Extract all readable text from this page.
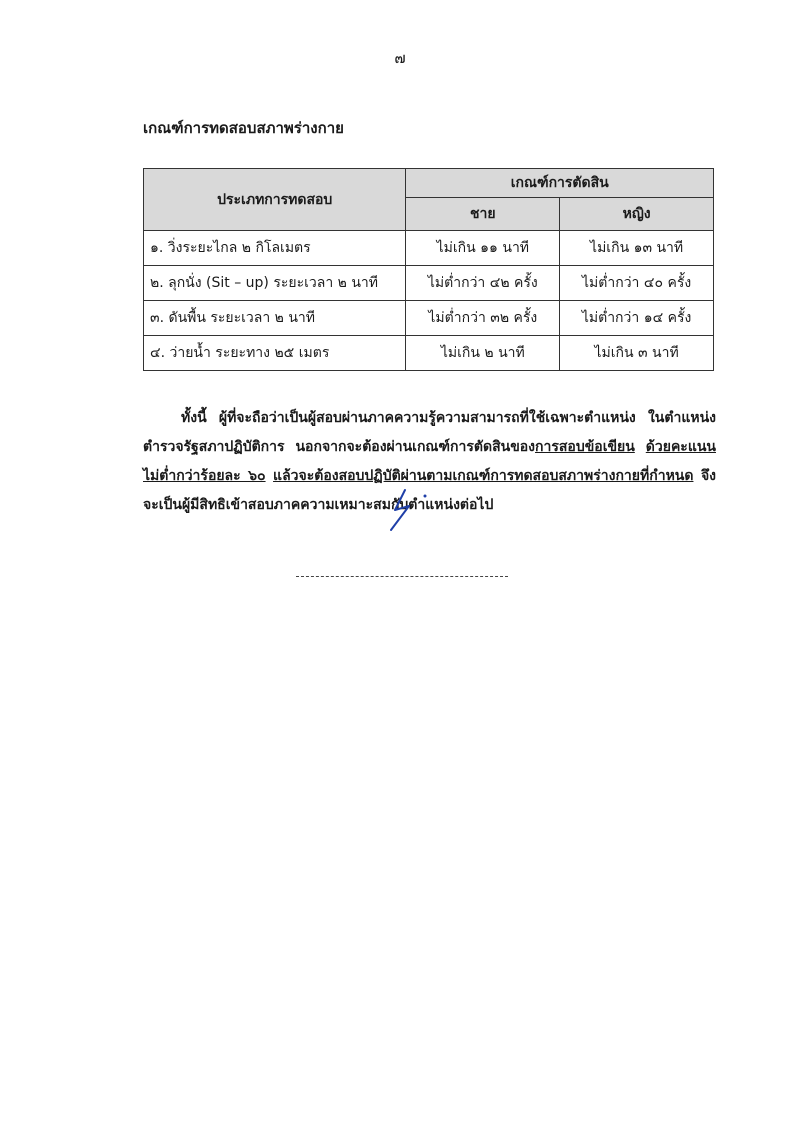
๗
เกณฑ์การทดสอบสภาพร่างกาย
ประเภทการทดสอบ	เกณฑ์การตัดสิน	
	ชาย	หญิง
๑. วิ่งระยะไกล ๒ กิโลเมตร	ไม่เกิน ๑๑ นาที	ไม่เกิน ๑๓ นาที
๒. ลุกนั่ง (Sit – up) ระยะเวลา ๒ นาที	ไม่ต่ำกว่า ๔๒ ครั้ง	ไม่ต่ำกว่า ๔๐ ครั้ง
๓. ดันพื้น ระยะเวลา ๒ นาที	ไม่ต่ำกว่า ๓๒ ครั้ง	ไม่ต่ำกว่า ๑๔ ครั้ง
๔. ว่ายน้ำ ระยะทาง ๒๕ เมตร	ไม่เกิน ๒ นาที	ไม่เกิน ๓ นาที
ทั้งนี้ ผู้ที่จะถือว่าเป็นผู้สอบผ่านภาคความรู้ความสามารถที่ใช้เฉพาะตำแหน่ง ในตำแหน่ง ตำรวจรัฐสภาปฏิบัติการ นอกจากจะต้องผ่านเกณฑ์การตัดสินของการสอบข้อเขียน ด้วยคะแนนไม่ต่ำกว่าร้อยละ ๖๐ แล้วจะต้องสอบปฏิบัติผ่านตามเกณฑ์การทดสอบสภาพร่างกายที่กำหนด จึงจะเป็นผู้มีสิทธิเข้าสอบภาคความเหมาะสมกับตำแหน่งต่อไป
